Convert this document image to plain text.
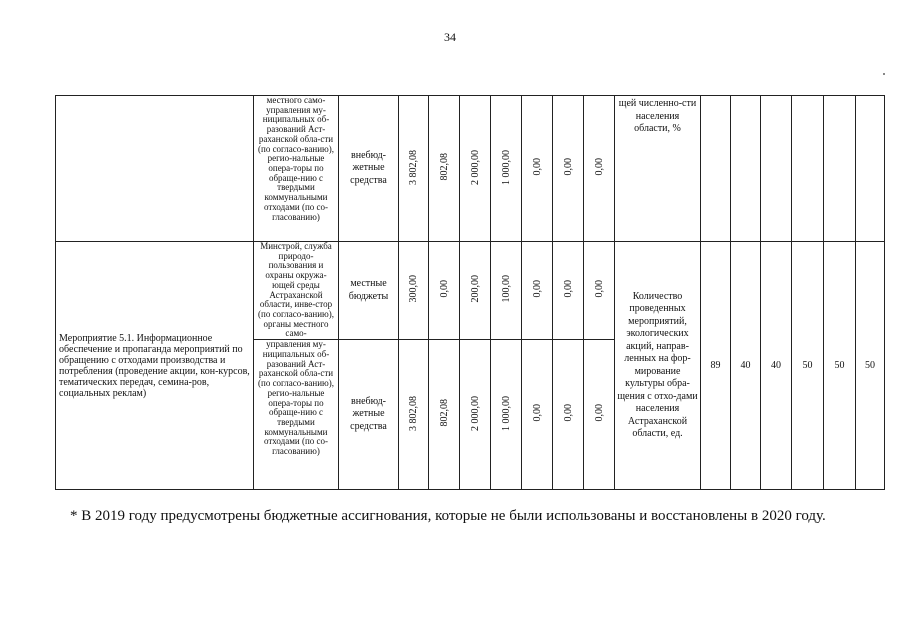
34
	местного само-управления му-ниципальных об-разований Аст-раханской обла-сти (по согласо-ванию), регио-нальные опера-торы по обраще-нию с твердыми коммунальными отходами (по со-гласованию)	внебюд-жетные средства	3 802,08	802,08	2 000,00	1 000,00	0,00	0,00	0,00	щей численно-сти населения области, %						
Мероприятие 5.1. Информационное обеспечение и пропаганда мероприятий по обращению с отходами производства и потребления (проведение акции, кон-курсов, тематических передач, семина-ров, социальных реклам)	Минстрой, служба природо-пользования и охраны окружа-ющей среды Астраханской области, инве-стор (по согласо-ванию), органы местного само-	местные бюджеты	300,00	0,00	200,00	100,00	0,00	0,00	0,00	Количество проведенных мероприятий, экологических акций, направ-ленных на фор-мирование культуры обра-щения с отхо-дами населения Астраханской области, ед.	89	40	40	50	50	50
	управления му-ниципальных об-разований Аст-раханской обла-сти (по согласо-ванию), регио-нальные опера-торы по обраще-нию с твердыми коммунальными отходами (по со-гласованию)	внебюд-жетные средства	3 802,08	802,08	2 000,00	1 000,00	0,00	0,00	0,00							
* В 2019 году предусмотрены бюджетные ассигнования, которые не были использованы и восстановлены в 2020 году.
